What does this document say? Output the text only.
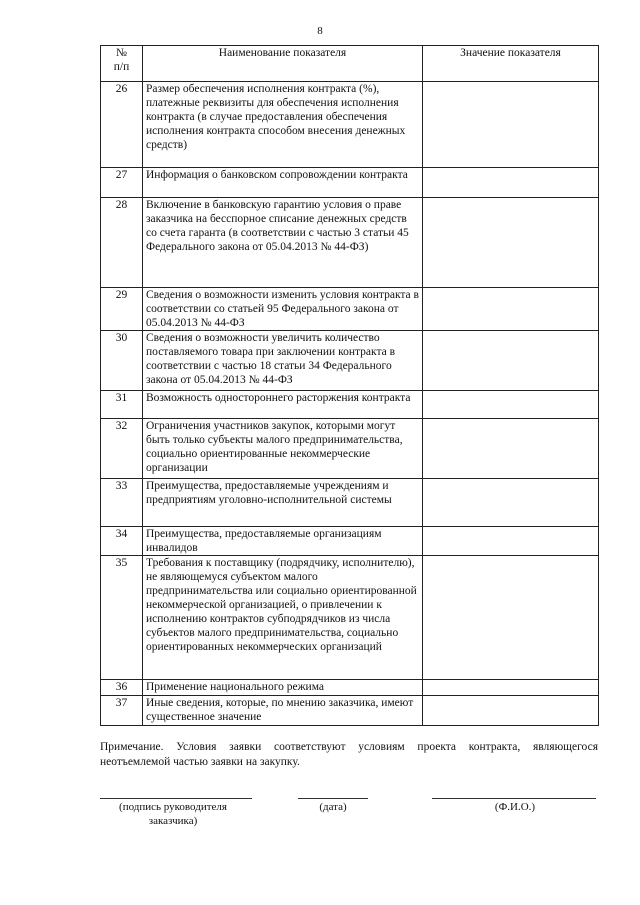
8
№
п/п	Наименование показателя	Значение показателя
26	Размер обеспечения исполнения контракта (%), платежные реквизиты для обеспечения исполнения контракта (в случае предоставления обеспечения исполнения контракта способом внесения денежных средств)	
27	Информация о банковском сопровождении контракта	
28	Включение в банковскую гарантию условия о праве заказчика на бесспорное списание денежных средств со счета гаранта (в соответствии с частью 3 статьи 45 Федерального закона от 05.04.2013 № 44-ФЗ)	
29	Сведения о возможности изменить условия контракта в соответствии со статьей 95 Федерального закона от 05.04.2013 № 44-ФЗ	
30	Сведения о возможности увеличить количество поставляемого товара при заключении контракта в соответствии с частью 18 статьи 34 Федерального закона от 05.04.2013 № 44-ФЗ	
31	Возможность одностороннего расторжения контракта	
32	Ограничения участников закупок, которыми могут быть только субъекты малого предпринимательства, социально ориентированные некоммерческие организации	
33	Преимущества, предоставляемые учреждениям и предприятиям уголовно-исполнительной системы	
34	Преимущества, предоставляемые организациям инвалидов	
35	Требования к поставщику (подрядчику, исполнителю), не являющемуся субъектом малого предпринимательства или социально ориентированной некоммерческой организацией, о привлечении к исполнению контрактов субподрядчиков из числа субъектов малого предпринимательства, социально ориентированных некоммерческих организаций	
36	Применение национального режима	
37	Иные сведения, которые, по мнению заказчика, имеют существенное значение	
Примечание. Условия заявки соответствуют условиям проекта контракта, являющегося неотъемлемой частью заявки на закупку.
(подпись руководителя
заказчика)
(дата)	(Ф.И.О.)
